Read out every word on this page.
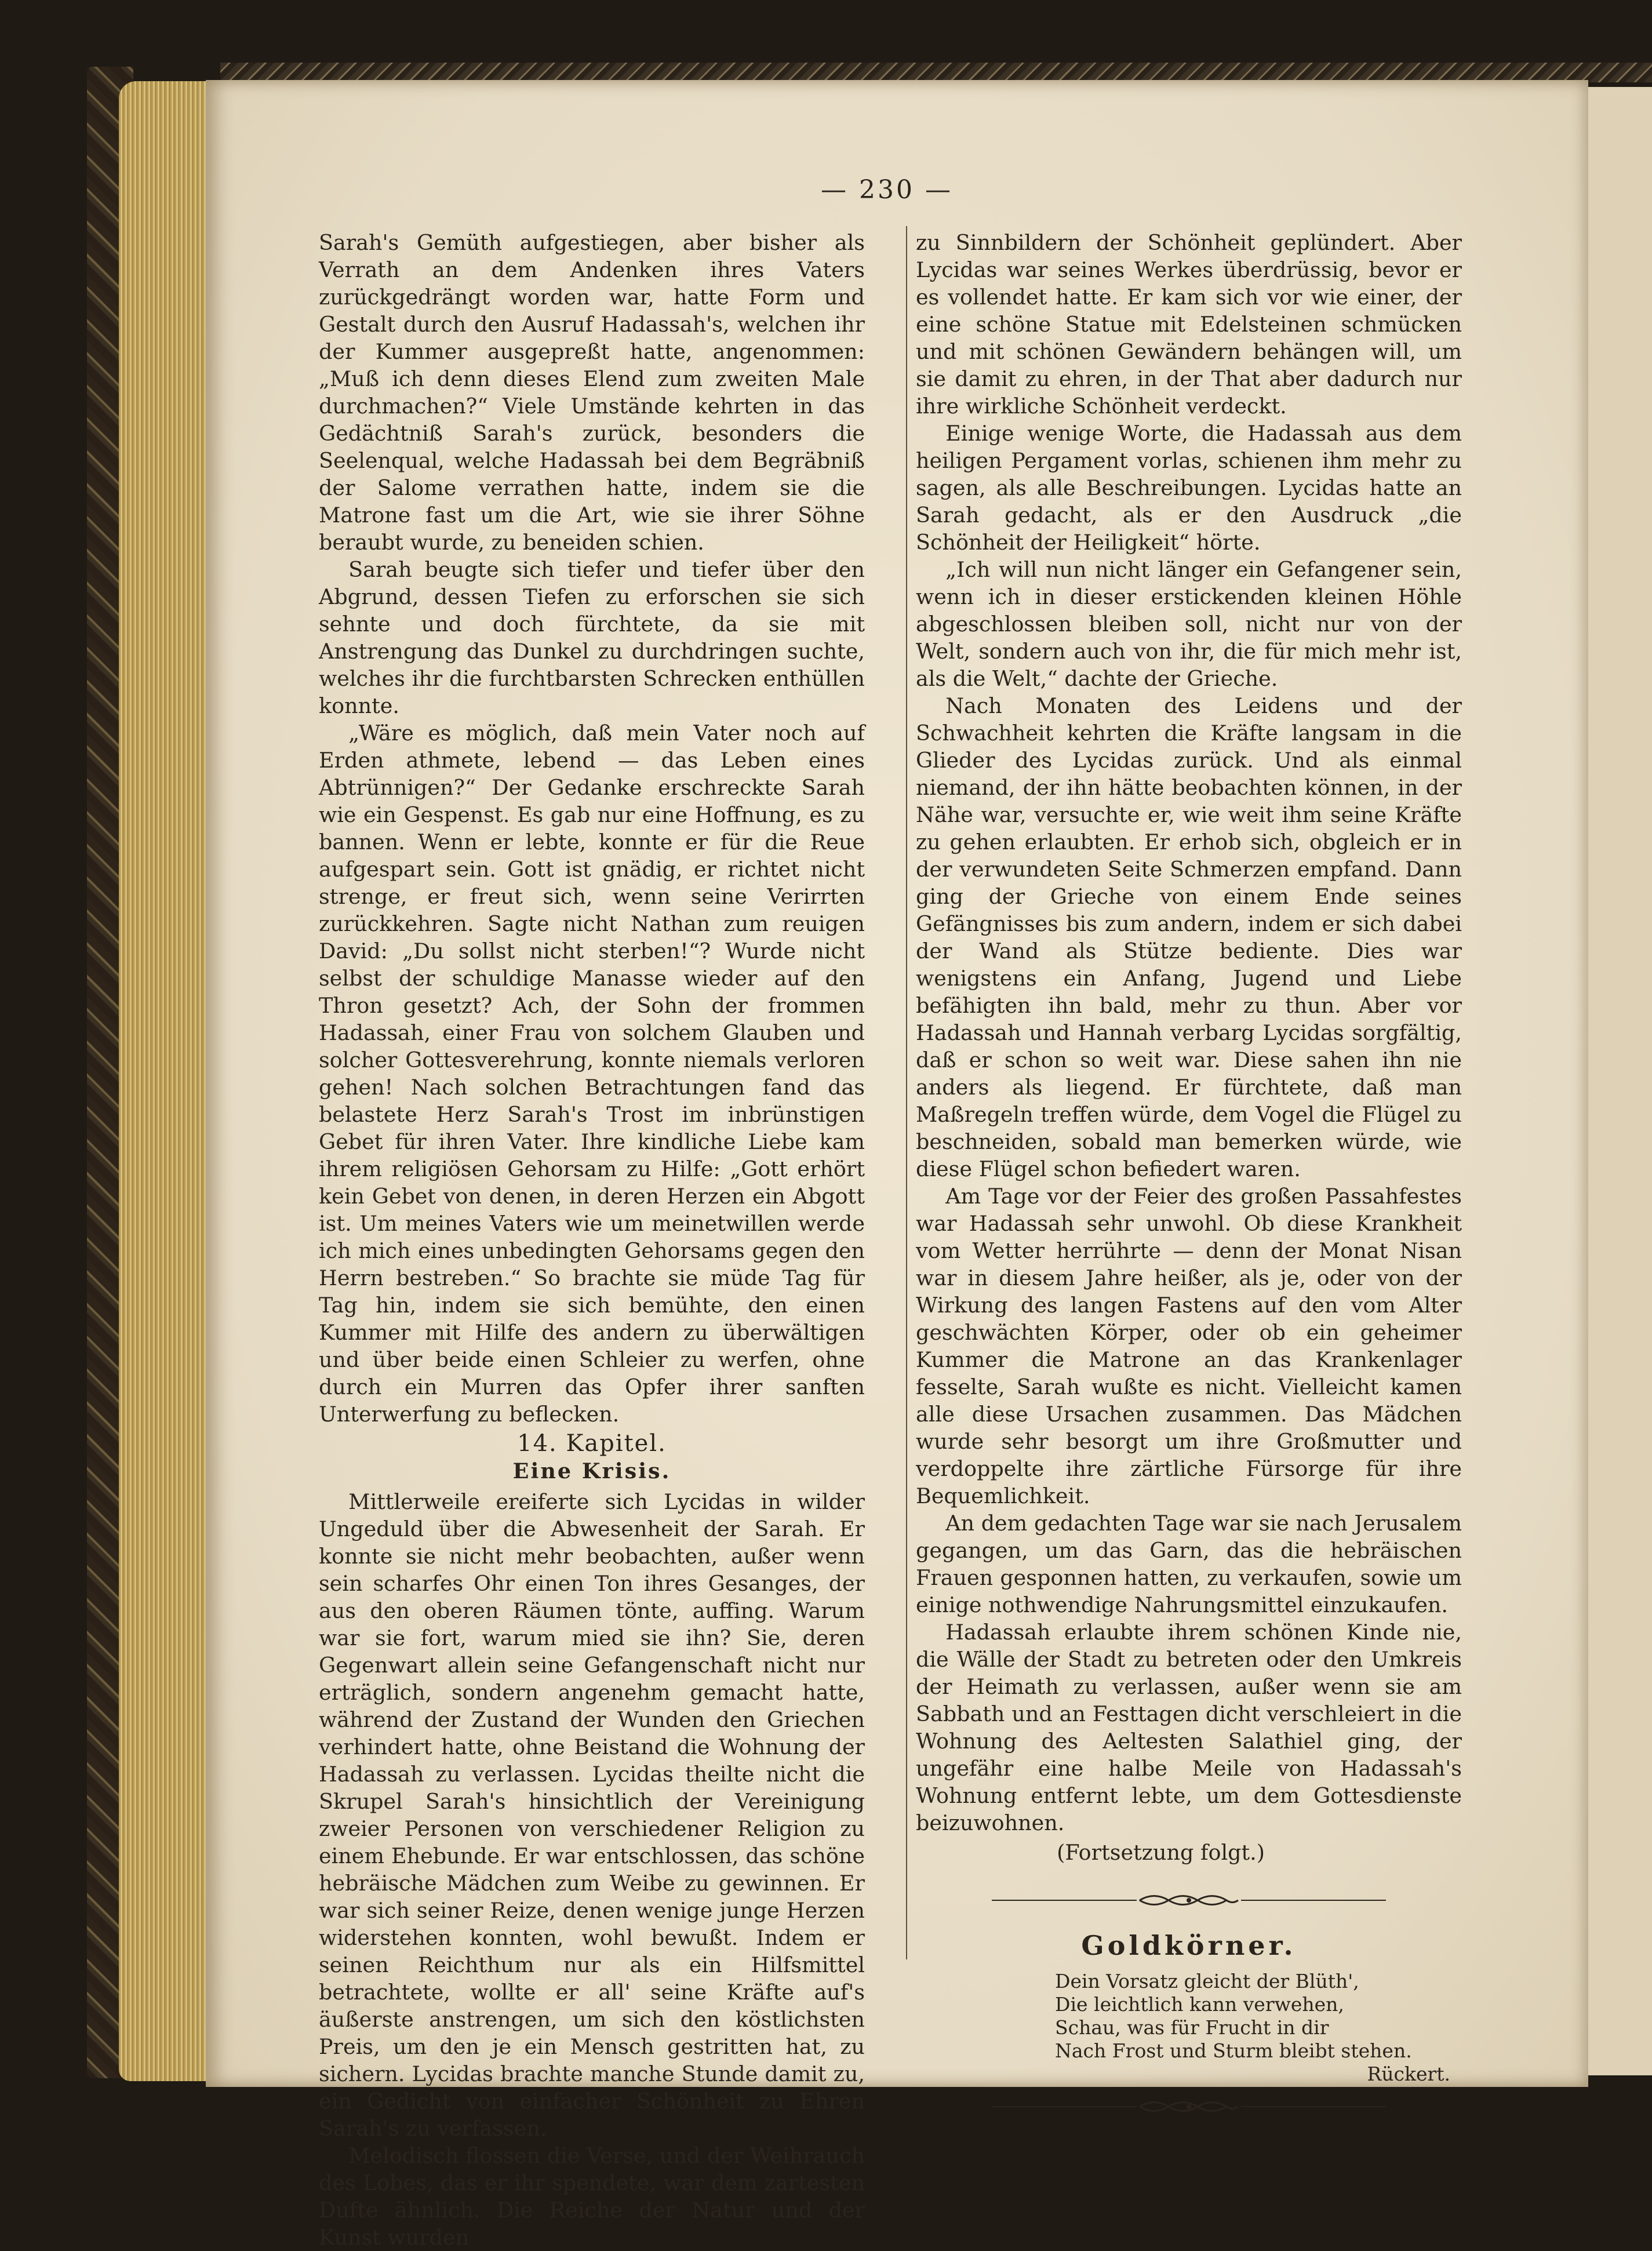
— 230 —

Sarah's Gemüth aufgestiegen, aber bisher als Verrath an dem Andenken ihres Vaters zurückgedrängt worden war, hatte Form und Gestalt durch den Ausruf Hadassah's, welchen ihr der Kummer ausgepreßt hatte, angenommen: „Muß ich denn dieses Elend zum zweiten Male durchmachen?“ Viele Umstände kehrten in das Gedächtniß Sarah's zurück, besonders die Seelenqual, welche Hadassah bei dem Begräbniß der Salome verrathen hatte, indem sie die Matrone fast um die Art, wie sie ihrer Söhne beraubt wurde, zu beneiden schien.

Sarah beugte sich tiefer und tiefer über den Abgrund, dessen Tiefen zu erforschen sie sich sehnte und doch fürchtete, da sie mit Anstrengung das Dunkel zu durchdringen suchte, welches ihr die furchtbarsten Schrecken enthüllen konnte.

„Wäre es möglich, daß mein Vater noch auf Erden athmete, lebend — das Leben eines Abtrünnigen?“ Der Gedanke erschreckte Sarah wie ein Gespenst. Es gab nur eine Hoffnung, es zu bannen. Wenn er lebte, konnte er für die Reue aufgespart sein. Gott ist gnädig, er richtet nicht strenge, er freut sich, wenn seine Verirrten zurückkehren. Sagte nicht Nathan zum reuigen David: „Du sollst nicht sterben!“? Wurde nicht selbst der schuldige Manasse wieder auf den Thron gesetzt? Ach, der Sohn der frommen Hadassah, einer Frau von solchem Glauben und solcher Gottesverehrung, konnte niemals verloren gehen! Nach solchen Betrachtungen fand das belastete Herz Sarah's Trost im inbrünstigen Gebet für ihren Vater. Ihre kindliche Liebe kam ihrem religiösen Gehorsam zu Hilfe: „Gott erhört kein Gebet von denen, in deren Herzen ein Abgott ist. Um meines Vaters wie um meinetwillen werde ich mich eines unbedingten Gehorsams gegen den Herrn bestreben.“ So brachte sie müde Tag für Tag hin, indem sie sich bemühte, den einen Kummer mit Hilfe des andern zu überwältigen und über beide einen Schleier zu werfen, ohne durch ein Murren das Opfer ihrer sanften Unterwerfung zu beflecken.

14. Kapitel.
Eine Krisis.

Mittlerweile ereiferte sich Lycidas in wilder Ungeduld über die Abwesenheit der Sarah. Er konnte sie nicht mehr beobachten, außer wenn sein scharfes Ohr einen Ton ihres Gesanges, der aus den oberen Räumen tönte, auffing. Warum war sie fort, warum mied sie ihn? Sie, deren Gegenwart allein seine Gefangenschaft nicht nur erträglich, sondern angenehm gemacht hatte, während der Zustand der Wunden den Griechen verhindert hatte, ohne Beistand die Wohnung der Hadassah zu verlassen. Lycidas theilte nicht die Skrupel Sarah's hinsichtlich der Vereinigung zweier Personen von verschiedener Religion zu einem Ehebunde. Er war entschlossen, das schöne hebräische Mädchen zum Weibe zu gewinnen. Er war sich seiner Reize, denen wenige junge Herzen widerstehen konnten, wohl bewußt. Indem er seinen Reichthum nur als ein Hilfsmittel betrachtete, wollte er all' seine Kräfte auf's äußerste anstrengen, um sich den köstlichsten Preis, um den je ein Mensch gestritten hat, zu sichern. Lycidas brachte manche Stunde damit zu, ein Gedicht von einfacher Schönheit zu Ehren Sarah's zu verfassen.

Melodisch flossen die Verse, und der Weihrauch des Lobes, das er ihr spendete, war dem zartesten Dufte ähnlich. Die Reiche der Natur und der Kunst wurden

zu Sinnbildern der Schönheit geplündert. Aber Lycidas war seines Werkes überdrüssig, bevor er es vollendet hatte. Er kam sich vor wie einer, der eine schöne Statue mit Edelsteinen schmücken und mit schönen Gewändern behängen will, um sie damit zu ehren, in der That aber dadurch nur ihre wirkliche Schönheit verdeckt.

Einige wenige Worte, die Hadassah aus dem heiligen Pergament vorlas, schienen ihm mehr zu sagen, als alle Beschreibungen. Lycidas hatte an Sarah gedacht, als er den Ausdruck „die Schönheit der Heiligkeit“ hörte.

„Ich will nun nicht länger ein Gefangener sein, wenn ich in dieser erstickenden kleinen Höhle abgeschlossen bleiben soll, nicht nur von der Welt, sondern auch von ihr, die für mich mehr ist, als die Welt,“ dachte der Grieche.

Nach Monaten des Leidens und der Schwachheit kehrten die Kräfte langsam in die Glieder des Lycidas zurück. Und als einmal niemand, der ihn hätte beobachten können, in der Nähe war, versuchte er, wie weit ihm seine Kräfte zu gehen erlaubten. Er erhob sich, obgleich er in der verwundeten Seite Schmerzen empfand. Dann ging der Grieche von einem Ende seines Gefängnisses bis zum andern, indem er sich dabei der Wand als Stütze bediente. Dies war wenigstens ein Anfang, Jugend und Liebe befähigten ihn bald, mehr zu thun. Aber vor Hadassah und Hannah verbarg Lycidas sorgfältig, daß er schon so weit war. Diese sahen ihn nie anders als liegend. Er fürchtete, daß man Maßregeln treffen würde, dem Vogel die Flügel zu beschneiden, sobald man bemerken würde, wie diese Flügel schon befiedert waren.

Am Tage vor der Feier des großen Passahfestes war Hadassah sehr unwohl. Ob diese Krankheit vom Wetter herrührte — denn der Monat Nisan war in diesem Jahre heißer, als je, oder von der Wirkung des langen Fastens auf den vom Alter geschwächten Körper, oder ob ein geheimer Kummer die Matrone an das Krankenlager fesselte, Sarah wußte es nicht. Vielleicht kamen alle diese Ursachen zusammen. Das Mädchen wurde sehr besorgt um ihre Großmutter und verdoppelte ihre zärtliche Fürsorge für ihre Bequemlichkeit.

An dem gedachten Tage war sie nach Jerusalem gegangen, um das Garn, das die hebräischen Frauen gesponnen hatten, zu verkaufen, sowie um einige nothwendige Nahrungsmittel einzukaufen.

Hadassah erlaubte ihrem schönen Kinde nie, die Wälle der Stadt zu betreten oder den Umkreis der Heimath zu verlassen, außer wenn sie am Sabbath und an Festtagen dicht verschleiert in die Wohnung des Aeltesten Salathiel ging, der ungefähr eine halbe Meile von Hadassah's Wohnung entfernt lebte, um dem Gottesdienste beizuwohnen.

(Fortsetzung folgt.)
Goldkörner.
Dein Vorsatz gleicht der Blüth',
Die leichtlich kann verwehen,
Schau, was für Frucht in dir
Nach Frost und Sturm bleibt stehen.
Rückert.
